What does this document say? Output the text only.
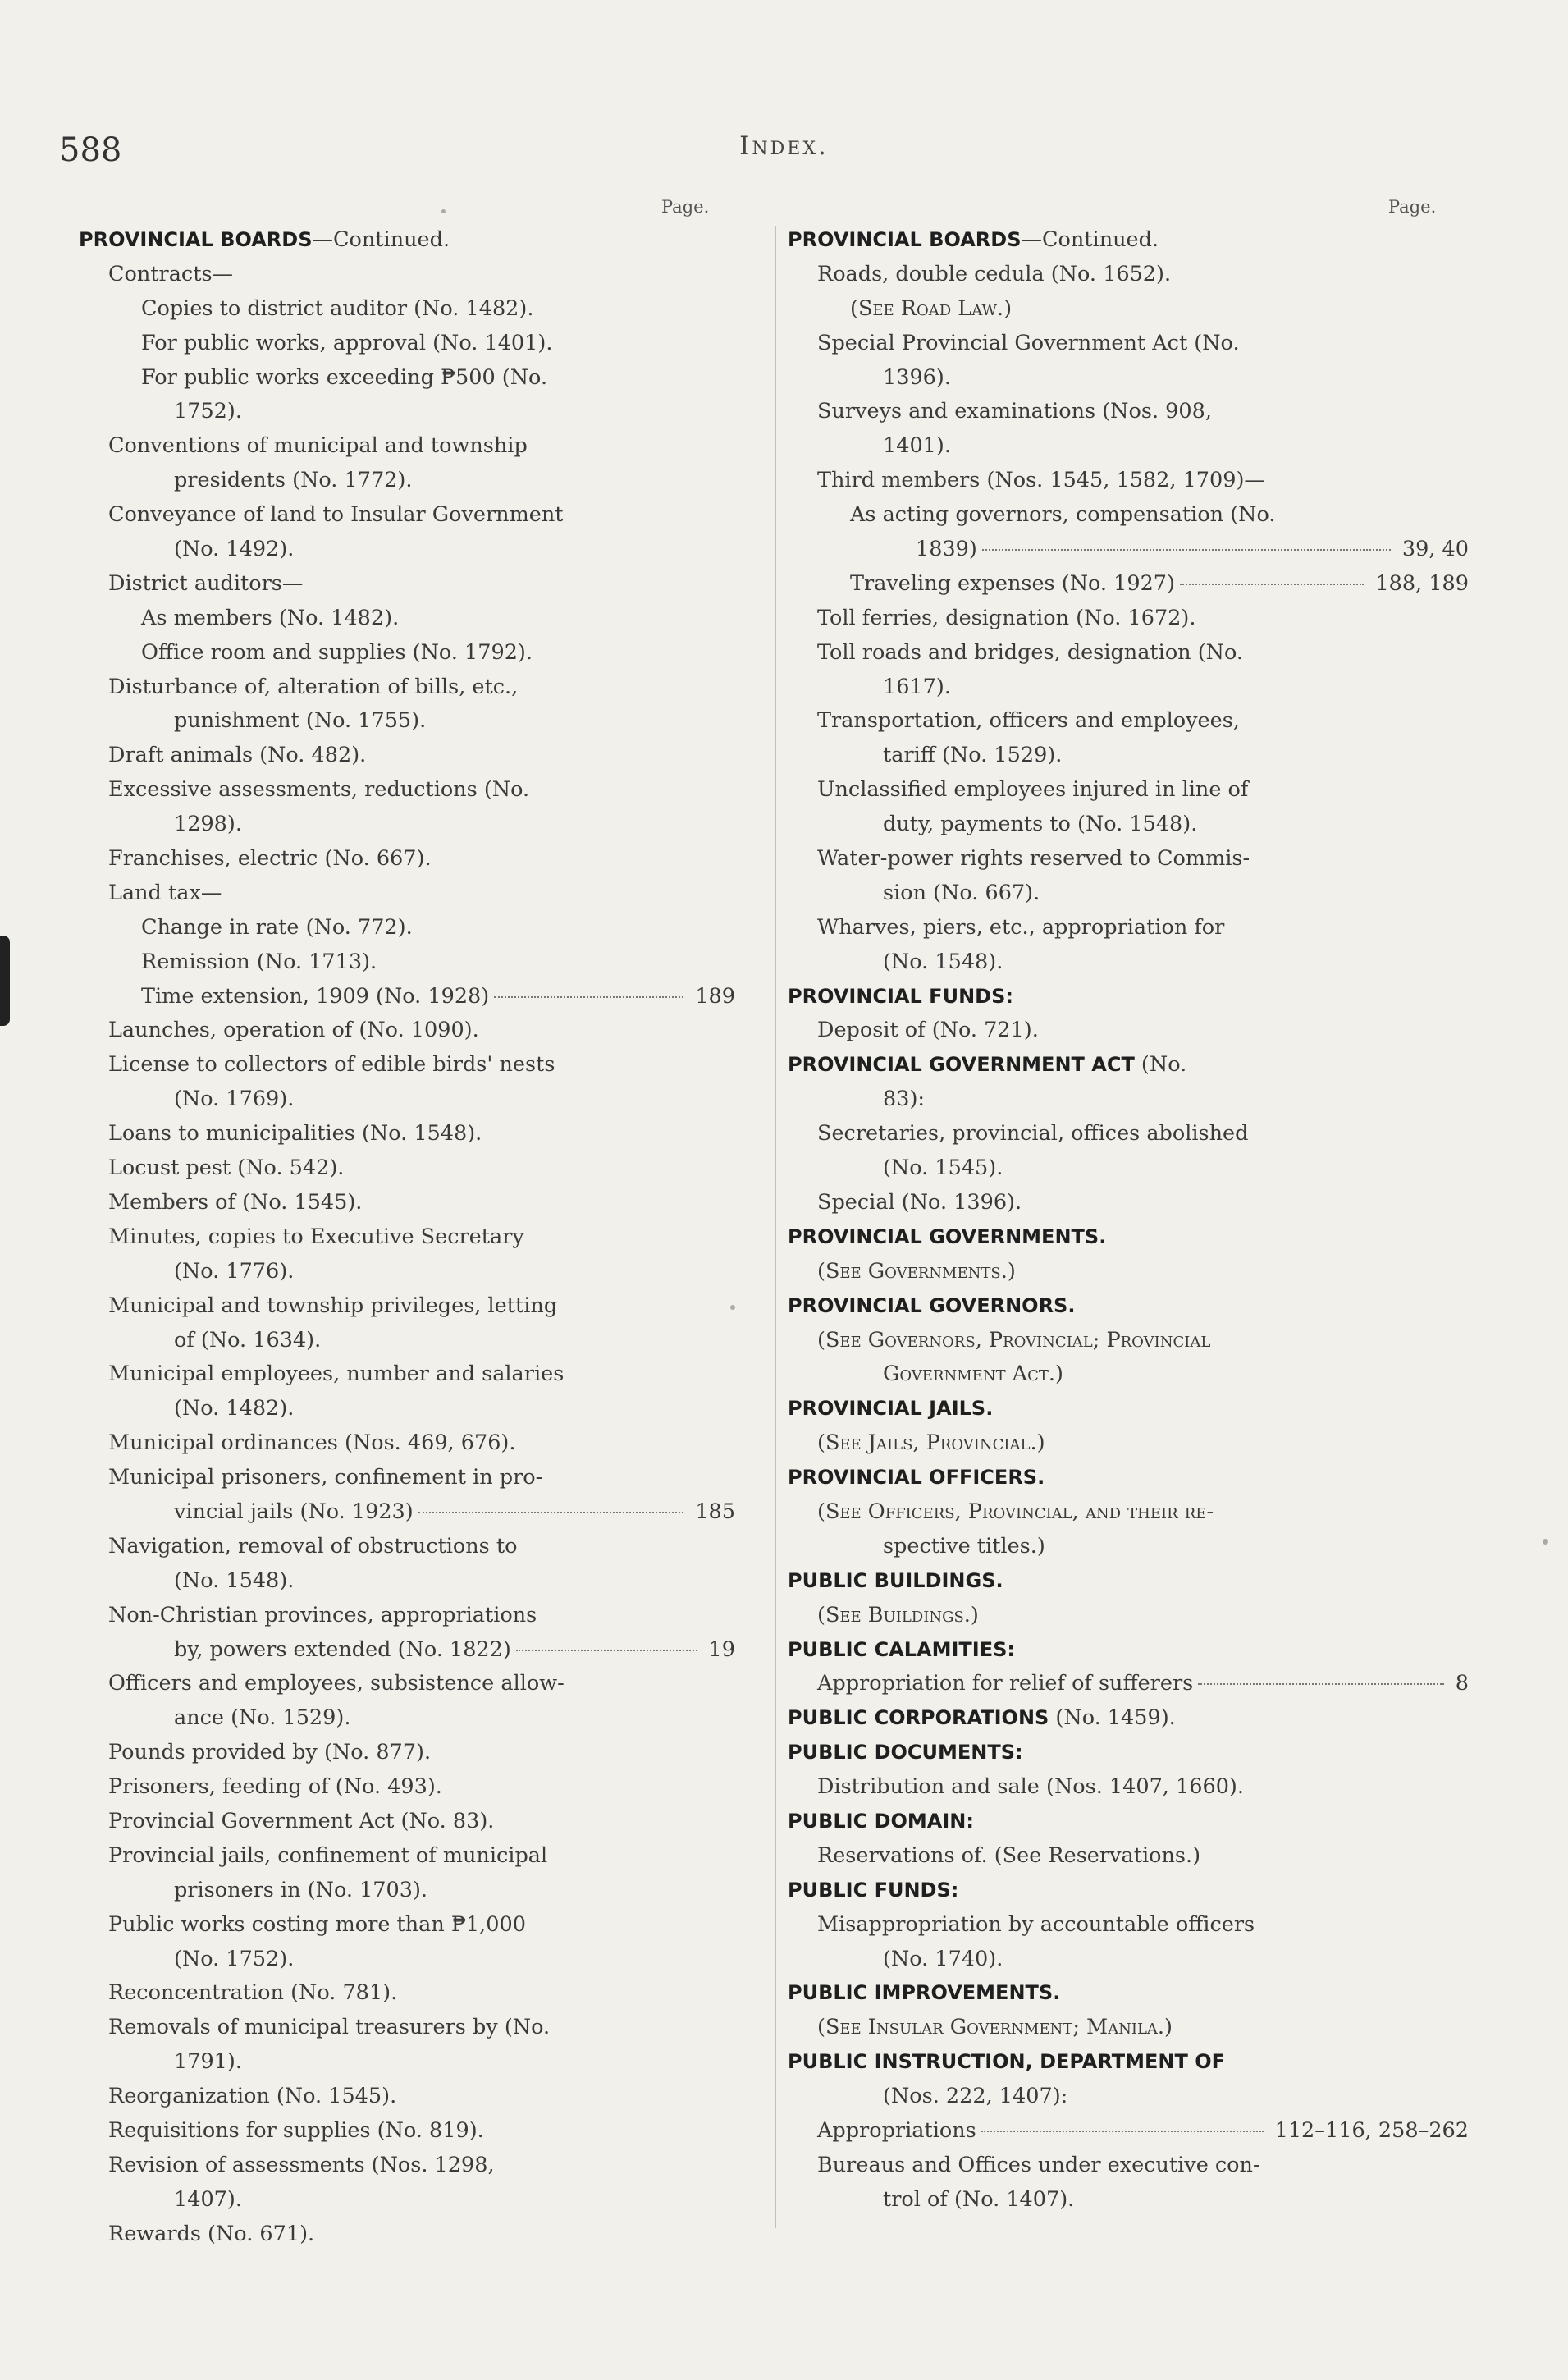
588	Index.
Page.	Page.
PROVINCIAL BOARDS—Continued.
Contracts—
Copies to district auditor (No. 1482).
For public works, approval (No. 1401).
For public works exceeding ₱500 (No.
1752).
Conventions of municipal and township
presidents (No. 1772).
Conveyance of land to Insular Government
(No. 1492).
District auditors—
As members (No. 1482).
Office room and supplies (No. 1792).
Disturbance of, alteration of bills, etc.,
punishment (No. 1755).
Draft animals (No. 482).
Excessive assessments, reductions (No.
1298).
Franchises, electric (No. 667).
Land tax—
Change in rate (No. 772).
Remission (No. 1713).
Time extension, 1909 (No. 1928)	189
Launches, operation of (No. 1090).
License to collectors of edible birds' nests
(No. 1769).
Loans to municipalities (No. 1548).
Locust pest (No. 542).
Members of (No. 1545).
Minutes, copies to Executive Secretary
(No. 1776).
Municipal and township privileges, letting
of (No. 1634).
Municipal employees, number and salaries
(No. 1482).
Municipal ordinances (Nos. 469, 676).
Municipal prisoners, confinement in pro-
vincial jails (No. 1923)	185
Navigation, removal of obstructions to
(No. 1548).
Non-Christian provinces, appropriations
by, powers extended (No. 1822)	19
Officers and employees, subsistence allow-
ance (No. 1529).
Pounds provided by (No. 877).
Prisoners, feeding of (No. 493).
Provincial Government Act (No. 83).
Provincial jails, confinement of municipal
prisoners in (No. 1703).
Public works costing more than ₱1,000
(No. 1752).
Reconcentration (No. 781).
Removals of municipal treasurers by (No.
1791).
Reorganization (No. 1545).
Requisitions for supplies (No. 819).
Revision of assessments (Nos. 1298,
1407).
Rewards (No. 671).
PROVINCIAL BOARDS—Continued.
Roads, double cedula (No. 1652).
(See Road Law.)
Special Provincial Government Act (No.
1396).
Surveys and examinations (Nos. 908,
1401).
Third members (Nos. 1545, 1582, 1709)—
As acting governors, compensation (No.
1839)	39, 40
Traveling expenses (No. 1927)	188, 189
Toll ferries, designation (No. 1672).
Toll roads and bridges, designation (No.
1617).
Transportation, officers and employees,
tariff (No. 1529).
Unclassified employees injured in line of
duty, payments to (No. 1548).
Water-power rights reserved to Commis-
sion (No. 667).
Wharves, piers, etc., appropriation for
(No. 1548).
PROVINCIAL FUNDS:
Deposit of (No. 721).
PROVINCIAL GOVERNMENT ACT (No.
83):
Secretaries, provincial, offices abolished
(No. 1545).
Special (No. 1396).
PROVINCIAL GOVERNMENTS.
(See Governments.)
PROVINCIAL GOVERNORS.
(See Governors, Provincial; Provincial
Government Act.)
PROVINCIAL JAILS.
(See Jails, Provincial.)
PROVINCIAL OFFICERS.
(See Officers, Provincial, and their re-
spective titles.)
PUBLIC BUILDINGS.
(See Buildings.)
PUBLIC CALAMITIES:
Appropriation for relief of sufferers	8
PUBLIC CORPORATIONS (No. 1459).
PUBLIC DOCUMENTS:
Distribution and sale (Nos. 1407, 1660).
PUBLIC DOMAIN:
Reservations of. (See Reservations.)
PUBLIC FUNDS:
Misappropriation by accountable officers
(No. 1740).
PUBLIC IMPROVEMENTS.
(See Insular Government; Manila.)
PUBLIC INSTRUCTION, DEPARTMENT OF
(Nos. 222, 1407):
Appropriations	112–116, 258–262
Bureaus and Offices under executive con-
trol of (No. 1407).
